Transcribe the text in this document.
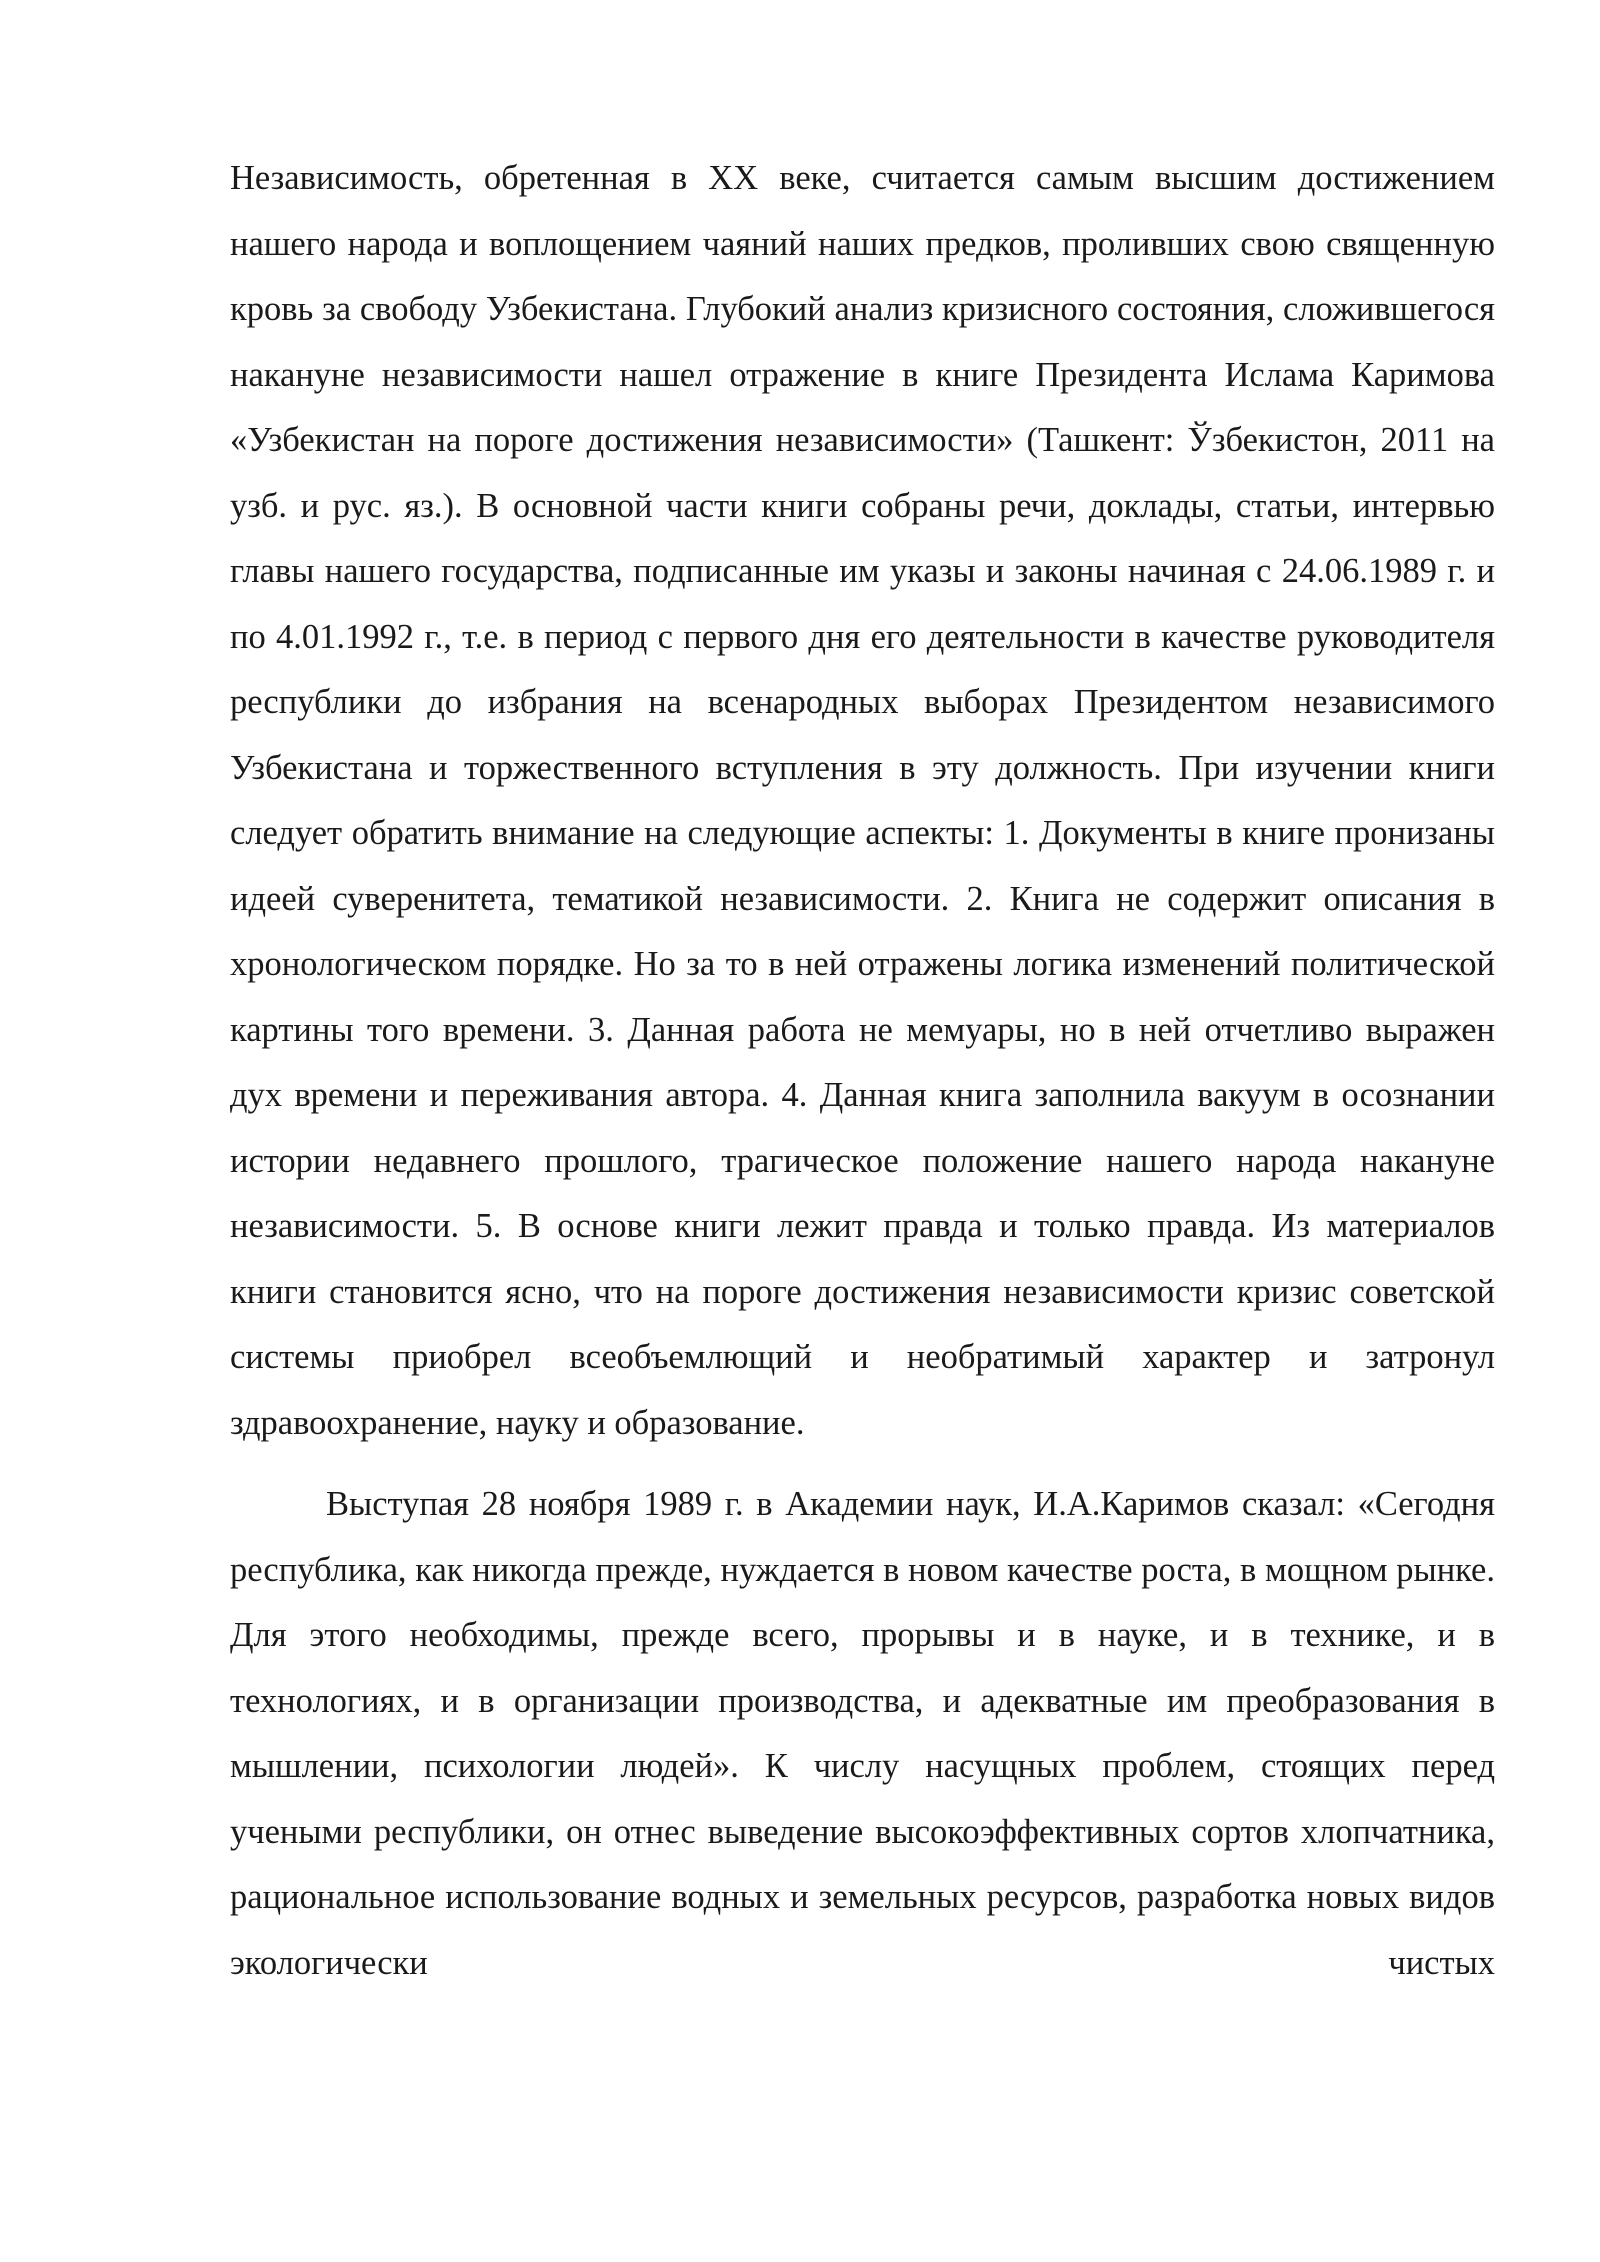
Независимость, обретенная в XX веке, считается самым высшим достижением нашего народа и воплощением чаяний наших предков, проливших свою священную кровь за свободу Узбекистана. Глубокий анализ кризисного состояния, сложившегося накануне независимости нашел отражение в книге Президента Ислама Каримова «Узбекистан на пороге достижения независимости» (Ташкент: Ўзбекистон, 2011 на узб. и рус. яз.). В основной части книги собраны речи, доклады, статьи, интервью главы нашего государства, подписанные им указы и законы начиная с 24.06.1989 г. и по 4.01.1992 г., т.е. в период с первого дня его деятельности в качестве руководителя республики до избрания на всенародных выборах Президентом независимого Узбекистана и торжественного вступления в эту должность. При изучении книги следует обратить внимание на следующие аспекты: 1. Документы в книге пронизаны идеей суверенитета, тематикой независимости. 2. Книга не содержит описания в хронологическом порядке. Но за то в ней отражены логика изменений политической картины того времени. 3. Данная работа не мемуары, но в ней отчетливо выражен дух времени и переживания автора. 4. Данная книга заполнила вакуум в осознании истории недавнего прошлого, трагическое положение нашего народа накануне независимости. 5. В основе книги лежит правда и только правда. Из материалов книги становится ясно, что на пороге достижения независимости кризис советской системы приобрел всеобъемлющий и необратимый характер и затронул здравоохранение, науку и образование.

Выступая 28 ноября 1989 г. в Академии наук, И.А.Каримов сказал: «Сегодня республика, как никогда прежде, нуждается в новом качестве роста, в мощном рынке. Для этого необходимы, прежде всего, прорывы и в науке, и в технике, и в технологиях, и в организации производства, и адекватные им преобразования в мышлении, психологии людей». К числу насущных проблем, стоящих перед учеными республики, он отнес выведение высокоэффективных сортов хлопчатника, рациональное использование водных и земельных ресурсов, разработка новых видов экологически чистых
